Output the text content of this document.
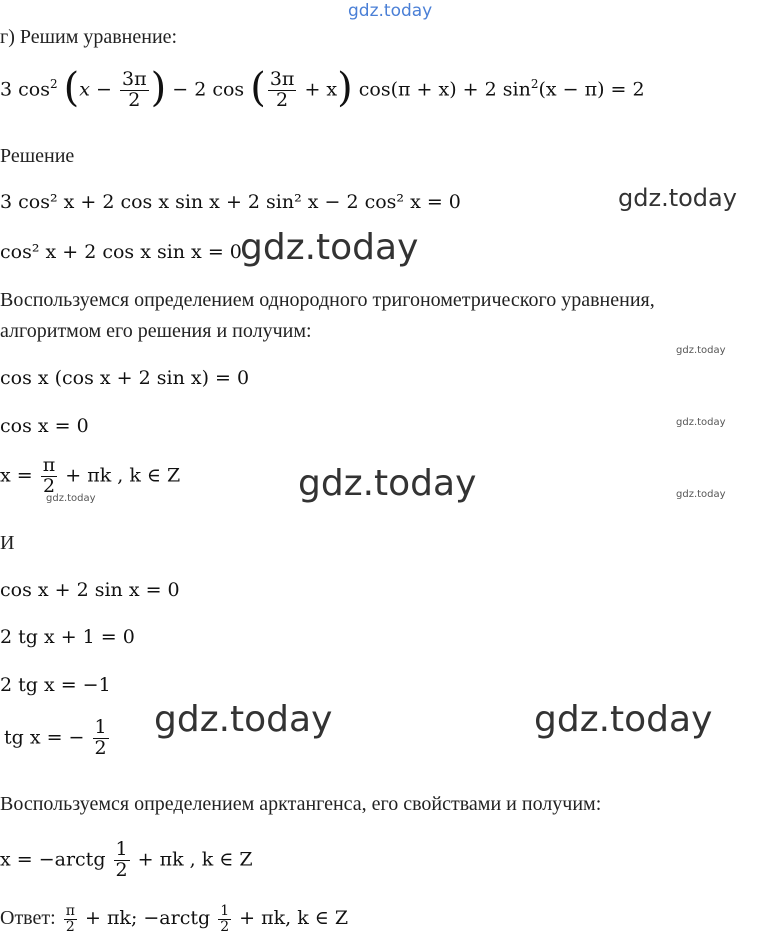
gdz.today
gdz.today
gdz.today
gdz.today
gdz.today
gdz.today	gdz.today
gdz.today
gdz.today	gdz.today
г) Решим уравнение:
3 $\cos^2 (x - \frac{3\pi}{2}$ ) − 2 cos ( $\frac{3\pi}{2} + x$) cos(π + x) + 2 $\sin^2(x - \pi) = 2$
Решение
3 cos² x + 2 cos x sin x + 2 sin² x − 2 cos² x = 0
cos² x + 2 cos x sin x = 0
Воспользуемся определением однородного тригонометрического уравнения,
алгоритмом его решения и получим:
cos x (cos x + 2 sin x) = 0
cos x = 0
$x = \frac{\pi}{2} + \pi k$ , k ∈ Z
И
cos x + 2 sin x = 0
2 tg x + 1 = 0
2 tg x = −1
tg x = − $\frac{1}{2}$
Воспользуемся определением арктангенса, его свойствами и получим:
x = −arctg $\frac{1}{2} + \pi k$ , k ∈ Z
Ответ: $\frac{\pi}{2} + \pi k$; −arctg $\frac{1}{2} + \pi k$, k ∈ Z
